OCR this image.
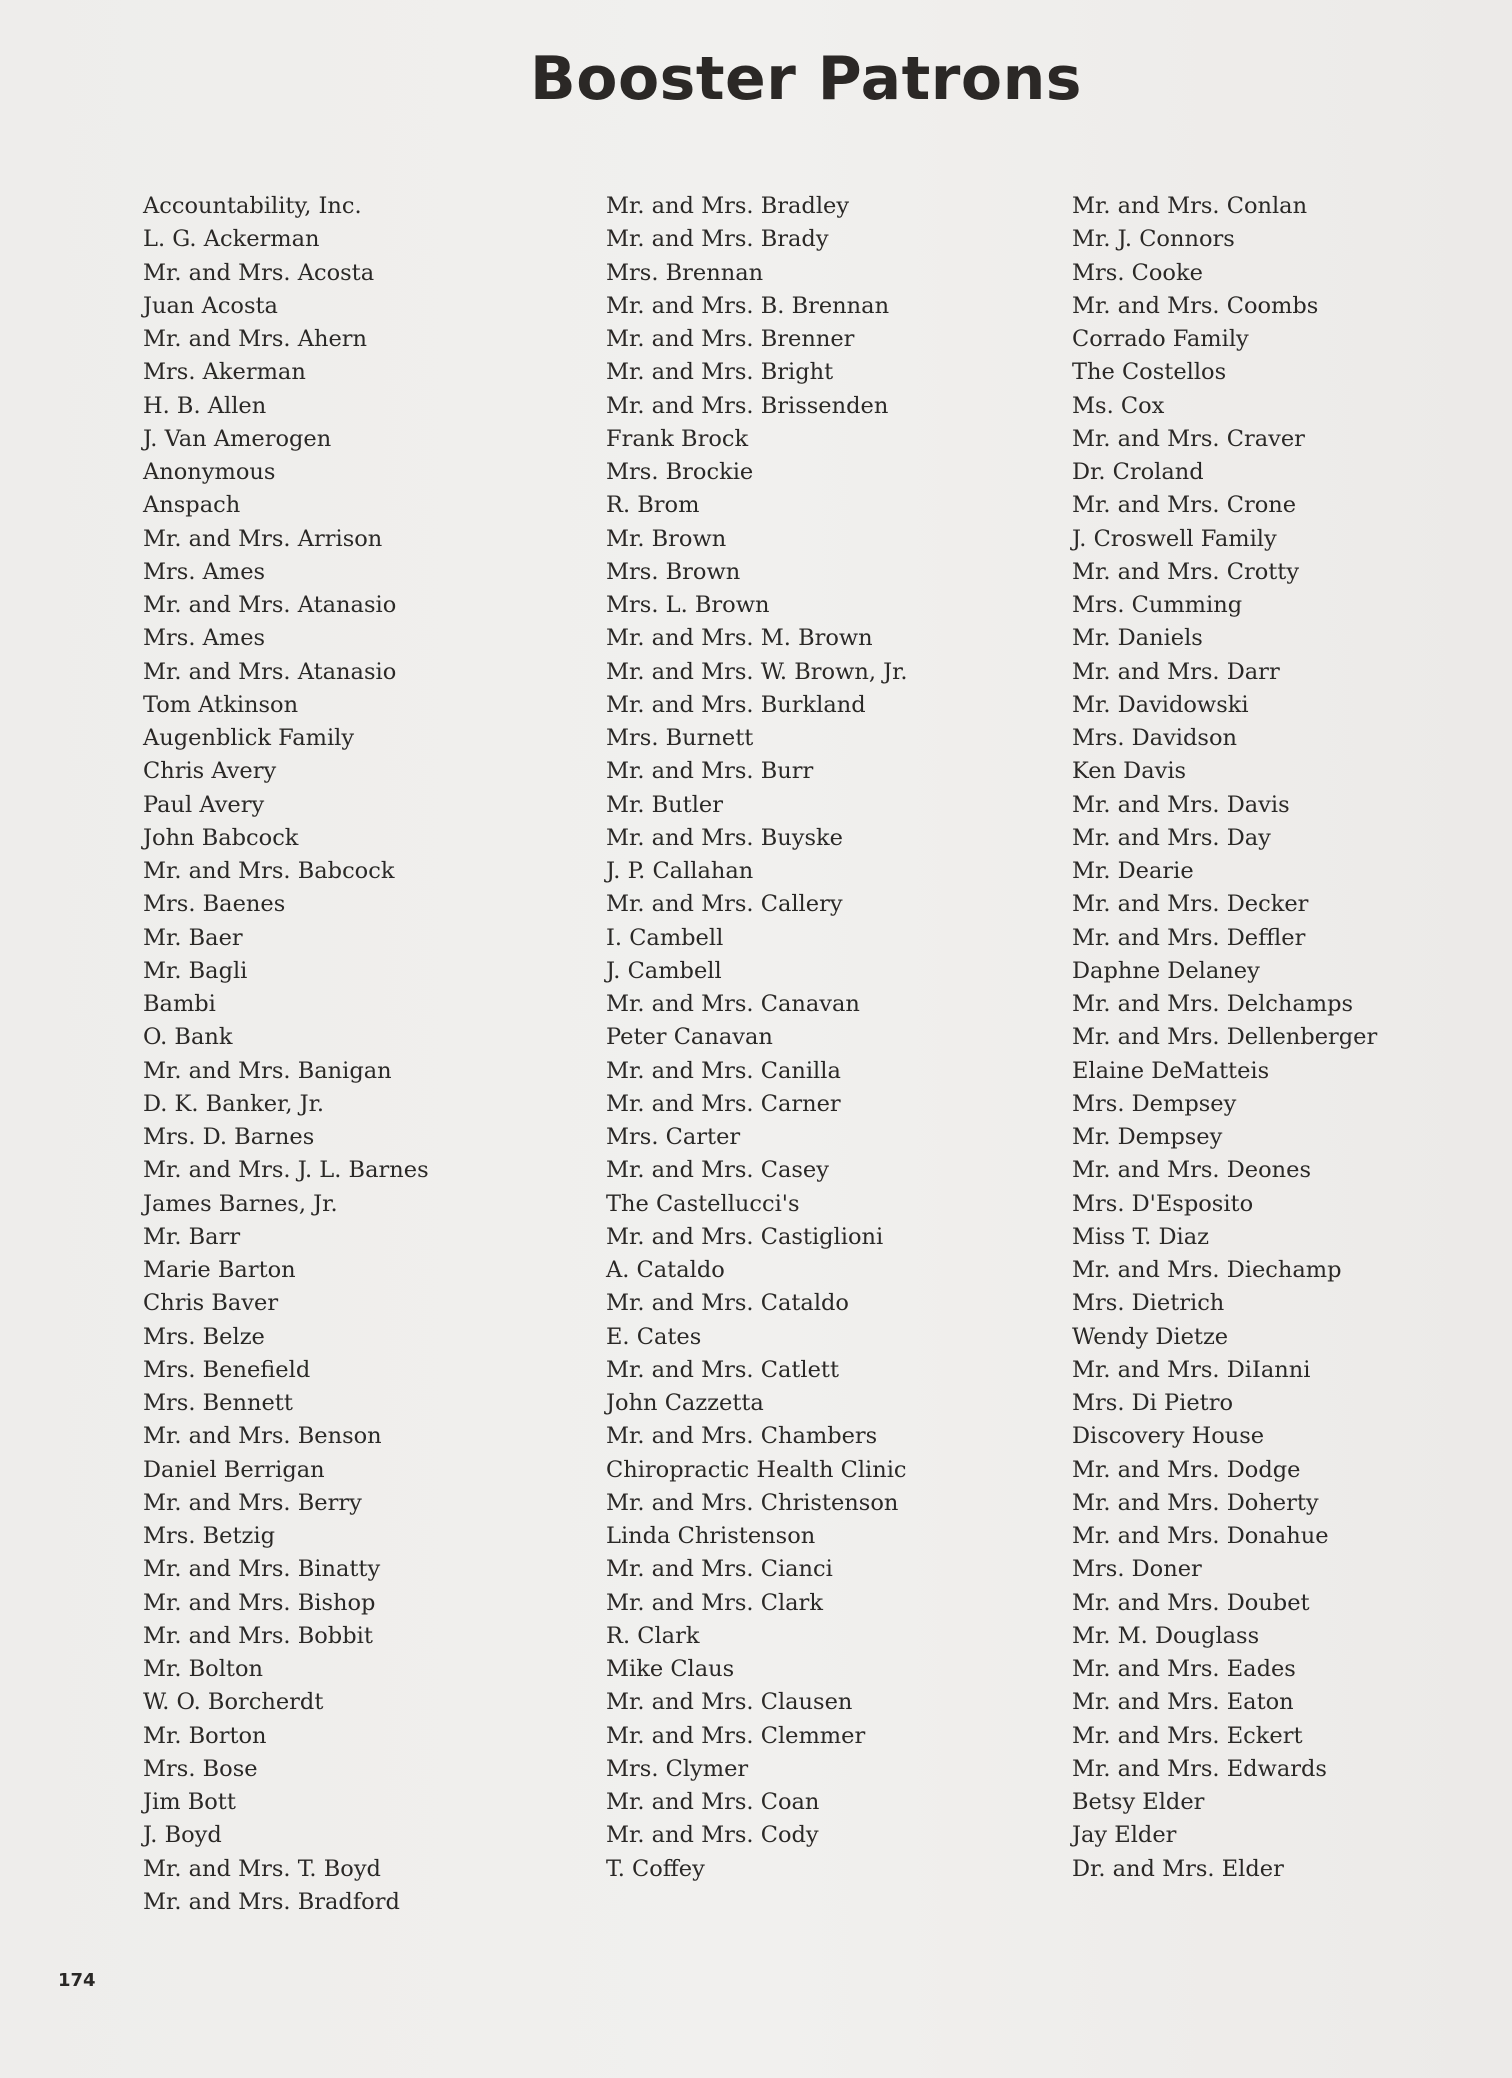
Booster Patrons
Accountability, Inc.
L. G. Ackerman
Mr. and Mrs. Acosta
Juan Acosta
Mr. and Mrs. Ahern
Mrs. Akerman
H. B. Allen
J. Van Amerogen
Anonymous
Anspach
Mr. and Mrs. Arrison
Mrs. Ames
Mr. and Mrs. Atanasio
Mrs. Ames
Mr. and Mrs. Atanasio
Tom Atkinson
Augenblick Family
Chris Avery
Paul Avery
John Babcock
Mr. and Mrs. Babcock
Mrs. Baenes
Mr. Baer
Mr. Bagli
Bambi
O. Bank
Mr. and Mrs. Banigan
D. K. Banker, Jr.
Mrs. D. Barnes
Mr. and Mrs. J. L. Barnes
James Barnes, Jr.
Mr. Barr
Marie Barton
Chris Baver
Mrs. Belze
Mrs. Benefield
Mrs. Bennett
Mr. and Mrs. Benson
Daniel Berrigan
Mr. and Mrs. Berry
Mrs. Betzig
Mr. and Mrs. Binatty
Mr. and Mrs. Bishop
Mr. and Mrs. Bobbit
Mr. Bolton
W. O. Borcherdt
Mr. Borton
Mrs. Bose
Jim Bott
J. Boyd
Mr. and Mrs. T. Boyd
Mr. and Mrs. Bradford
Mr. and Mrs. Bradley
Mr. and Mrs. Brady
Mrs. Brennan
Mr. and Mrs. B. Brennan
Mr. and Mrs. Brenner
Mr. and Mrs. Bright
Mr. and Mrs. Brissenden
Frank Brock
Mrs. Brockie
R. Brom
Mr. Brown
Mrs. Brown
Mrs. L. Brown
Mr. and Mrs. M. Brown
Mr. and Mrs. W. Brown, Jr.
Mr. and Mrs. Burkland
Mrs. Burnett
Mr. and Mrs. Burr
Mr. Butler
Mr. and Mrs. Buyske
J. P. Callahan
Mr. and Mrs. Callery
I. Cambell
J. Cambell
Mr. and Mrs. Canavan
Peter Canavan
Mr. and Mrs. Canilla
Mr. and Mrs. Carner
Mrs. Carter
Mr. and Mrs. Casey
The Castellucci's
Mr. and Mrs. Castiglioni
A. Cataldo
Mr. and Mrs. Cataldo
E. Cates
Mr. and Mrs. Catlett
John Cazzetta
Mr. and Mrs. Chambers
Chiropractic Health Clinic
Mr. and Mrs. Christenson
Linda Christenson
Mr. and Mrs. Cianci
Mr. and Mrs. Clark
R. Clark
Mike Claus
Mr. and Mrs. Clausen
Mr. and Mrs. Clemmer
Mrs. Clymer
Mr. and Mrs. Coan
Mr. and Mrs. Cody
T. Coffey
Mr. and Mrs. Conlan
Mr. J. Connors
Mrs. Cooke
Mr. and Mrs. Coombs
Corrado Family
The Costellos
Ms. Cox
Mr. and Mrs. Craver
Dr. Croland
Mr. and Mrs. Crone
J. Croswell Family
Mr. and Mrs. Crotty
Mrs. Cumming
Mr. Daniels
Mr. and Mrs. Darr
Mr. Davidowski
Mrs. Davidson
Ken Davis
Mr. and Mrs. Davis
Mr. and Mrs. Day
Mr. Dearie
Mr. and Mrs. Decker
Mr. and Mrs. Deffler
Daphne Delaney
Mr. and Mrs. Delchamps
Mr. and Mrs. Dellenberger
Elaine DeMatteis
Mrs. Dempsey
Mr. Dempsey
Mr. and Mrs. Deones
Mrs. D'Esposito
Miss T. Diaz
Mr. and Mrs. Diechamp
Mrs. Dietrich
Wendy Dietze
Mr. and Mrs. DiIanni
Mrs. Di Pietro
Discovery House
Mr. and Mrs. Dodge
Mr. and Mrs. Doherty
Mr. and Mrs. Donahue
Mrs. Doner
Mr. and Mrs. Doubet
Mr. M. Douglass
Mr. and Mrs. Eades
Mr. and Mrs. Eaton
Mr. and Mrs. Eckert
Mr. and Mrs. Edwards
Betsy Elder
Jay Elder
Dr. and Mrs. Elder
174
